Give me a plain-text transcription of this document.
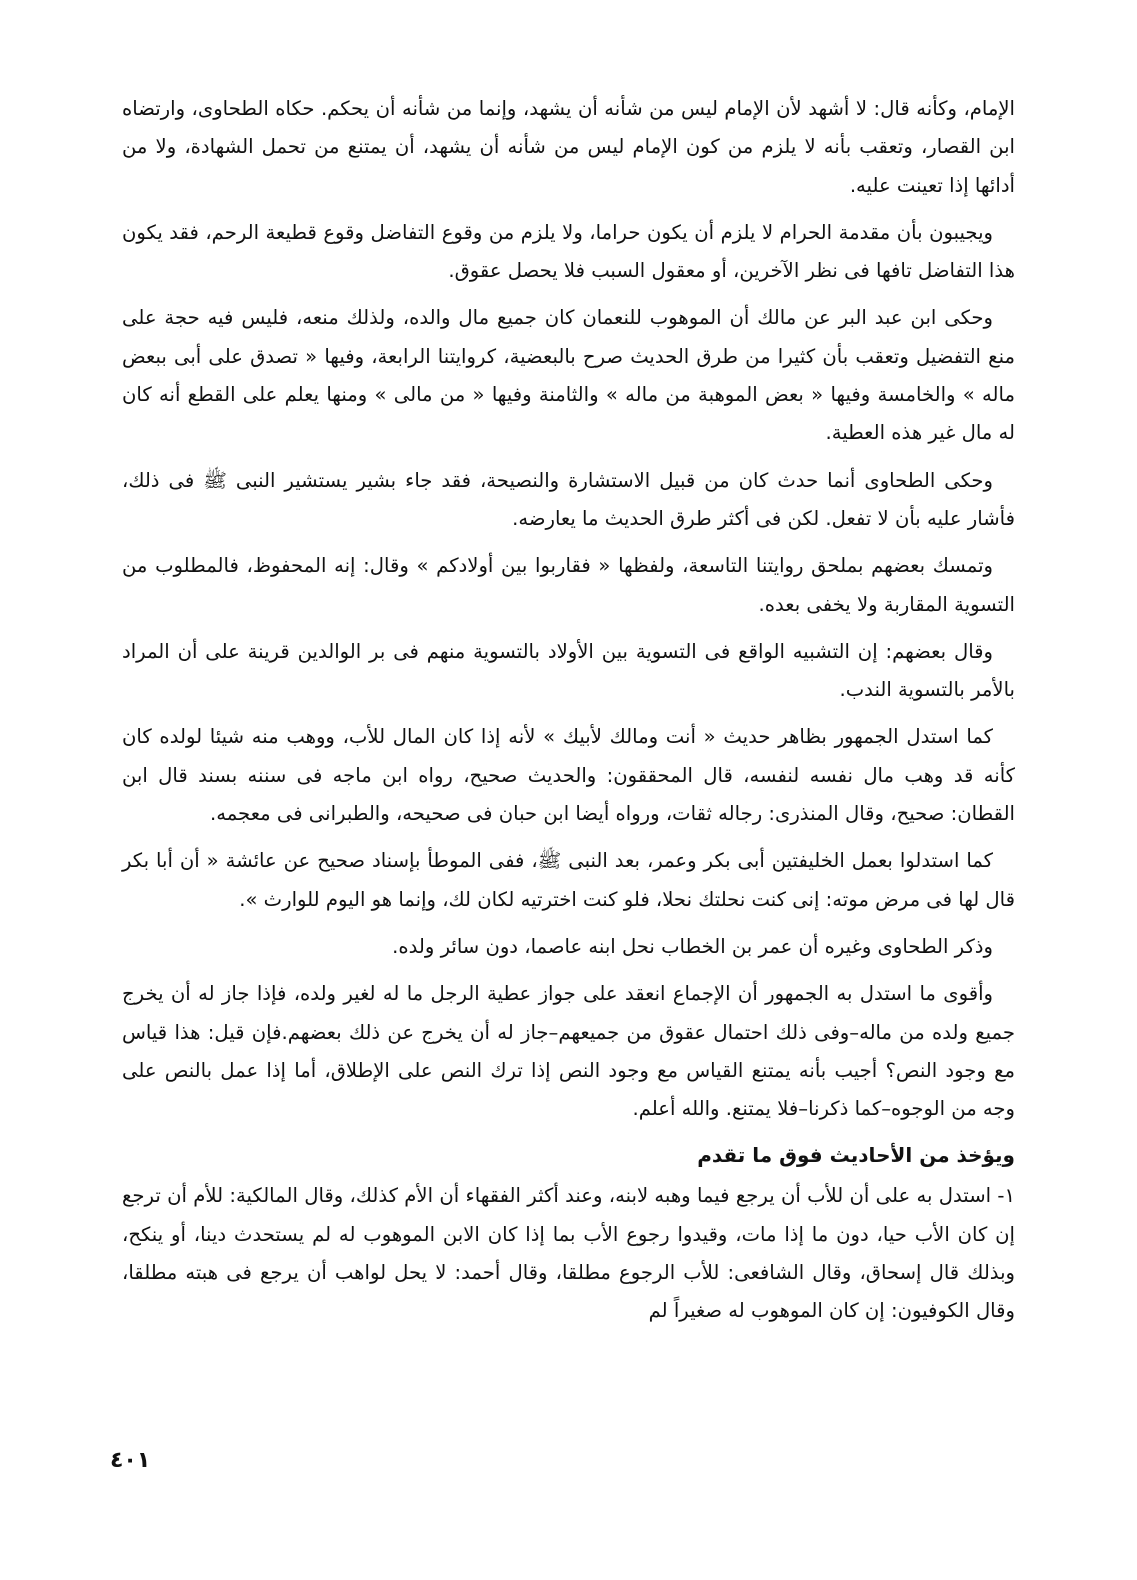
الإمام، وكأنه قال: لا أشهد لأن الإمام ليس من شأنه أن يشهد، وإنما من شأنه أن يحكم. حكاه الطحاوى، وارتضاه ابن القصار، وتعقب بأنه لا يلزم من كون الإمام ليس من شأنه أن يشهد، أن يمتنع من تحمل الشهادة، ولا من أدائها إذا تعينت عليه.

ويجيبون بأن مقدمة الحرام لا يلزم أن يكون حراما، ولا يلزم من وقوع التفاضل وقوع قطيعة الرحم، فقد يكون هذا التفاضل تافها فى نظر الآخرين، أو معقول السبب فلا يحصل عقوق.

وحكى ابن عبد البر عن مالك أن الموهوب للنعمان كان جميع مال والده، ولذلك منعه، فليس فيه حجة على منع التفضيل وتعقب بأن كثيرا من طرق الحديث صرح بالبعضية، كروايتنا الرابعة، وفيها « تصدق على أبى ببعض ماله » والخامسة وفيها « بعض الموهبة من ماله » والثامنة وفيها « من مالى » ومنها يعلم على القطع أنه كان له مال غير هذه العطية.

وحكى الطحاوى أنما حدث كان من قبيل الاستشارة والنصيحة، فقد جاء بشير يستشير النبى ﷺ فى ذلك، فأشار عليه بأن لا تفعل. لكن فى أكثر طرق الحديث ما يعارضه.

وتمسك بعضهم بملحق روايتنا التاسعة، ولفظها « فقاربوا بين أولادكم » وقال: إنه المحفوظ، فالمطلوب من التسوية المقاربة ولا يخفى بعده.

وقال بعضهم: إن التشبيه الواقع فى التسوية بين الأولاد بالتسوية منهم فى بر الوالدين قرينة على أن المراد بالأمر بالتسوية الندب.

كما استدل الجمهور بظاهر حديث « أنت ومالك لأبيك » لأنه إذا كان المال للأب، ووهب منه شيئا لولده كان كأنه قد وهب مال نفسه لنفسه، قال المحققون: والحديث صحيح، رواه ابن ماجه فى سننه بسند قال ابن القطان: صحيح، وقال المنذرى: رجاله ثقات، ورواه أيضا ابن حبان فى صحيحه، والطبرانى فى معجمه.

كما استدلوا بعمل الخليفتين أبى بكر وعمر، بعد النبى ﷺ، ففى الموطأ بإسناد صحيح عن عائشة « أن أبا بكر قال لها فى مرض موته: إنى كنت نحلتك نحلا، فلو كنت اخترتيه لكان لك، وإنما هو اليوم للوارث ».

وذكر الطحاوى وغيره أن عمر بن الخطاب نحل ابنه عاصما، دون سائر ولده.

وأقوى ما استدل به الجمهور أن الإجماع انعقد على جواز عطية الرجل ما له لغير ولده، فإذا جاز له أن يخرج جميع ولده من ماله–وفى ذلك احتمال عقوق من جميعهم–جاز له أن يخرج عن ذلك بعضهم.فإن قيل: هذا قياس مع وجود النص؟ أجيب بأنه يمتنع القياس مع وجود النص إذا ترك النص على الإطلاق، أما إذا عمل بالنص على وجه من الوجوه–كما ذكرنا–فلا يمتنع. والله أعلم.

ويؤخذ من الأحاديث فوق ما تقدم

١- استدل به على أن للأب أن يرجع فيما وهبه لابنه، وعند أكثر الفقهاء أن الأم كذلك، وقال المالكية: للأم أن ترجع إن كان الأب حيا، دون ما إذا مات، وقيدوا رجوع الأب بما إذا كان الابن الموهوب له لم يستحدث دينا، أو ينكح، وبذلك قال إسحاق، وقال الشافعى: للأب الرجوع مطلقا، وقال أحمد: لا يحل لواهب أن يرجع فى هبته مطلقا، وقال الكوفيون: إن كان الموهوب له صغيراً لم

٤٠١
